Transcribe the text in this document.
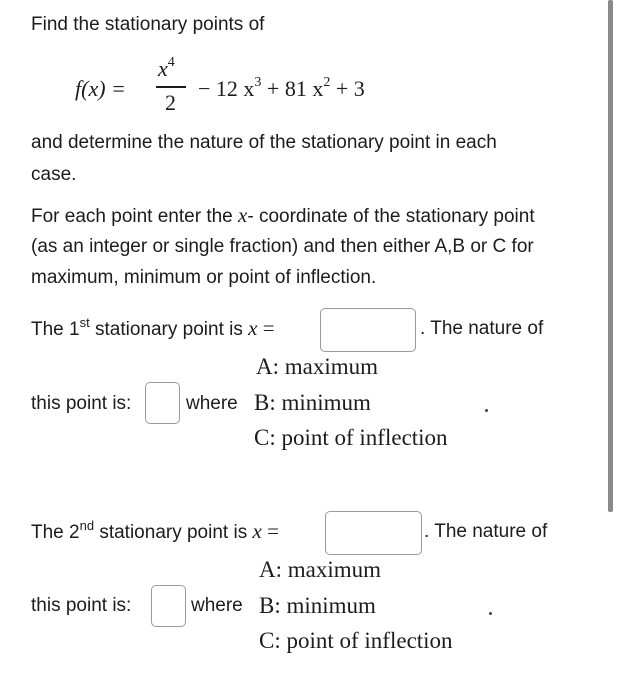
Find the stationary points of
f(x) =
$x^4$
2
− 12 $x^3 + 81$ $x^2 + 3$
and determine the nature of the stationary point in each
case.
For each point enter the x- coordinate of the stationary point
(as an integer or single fraction) and then either A,B or C for
maximum, minimum or point of inflection.
The 1st stationary point is x =	. The nature of
A: maximum
this point is:	where B: minimum
C: point of inflection
The 2nd stationary point is x =	. The nature of
A: maximum
this point is:	where B: minimum
C: point of inflection
